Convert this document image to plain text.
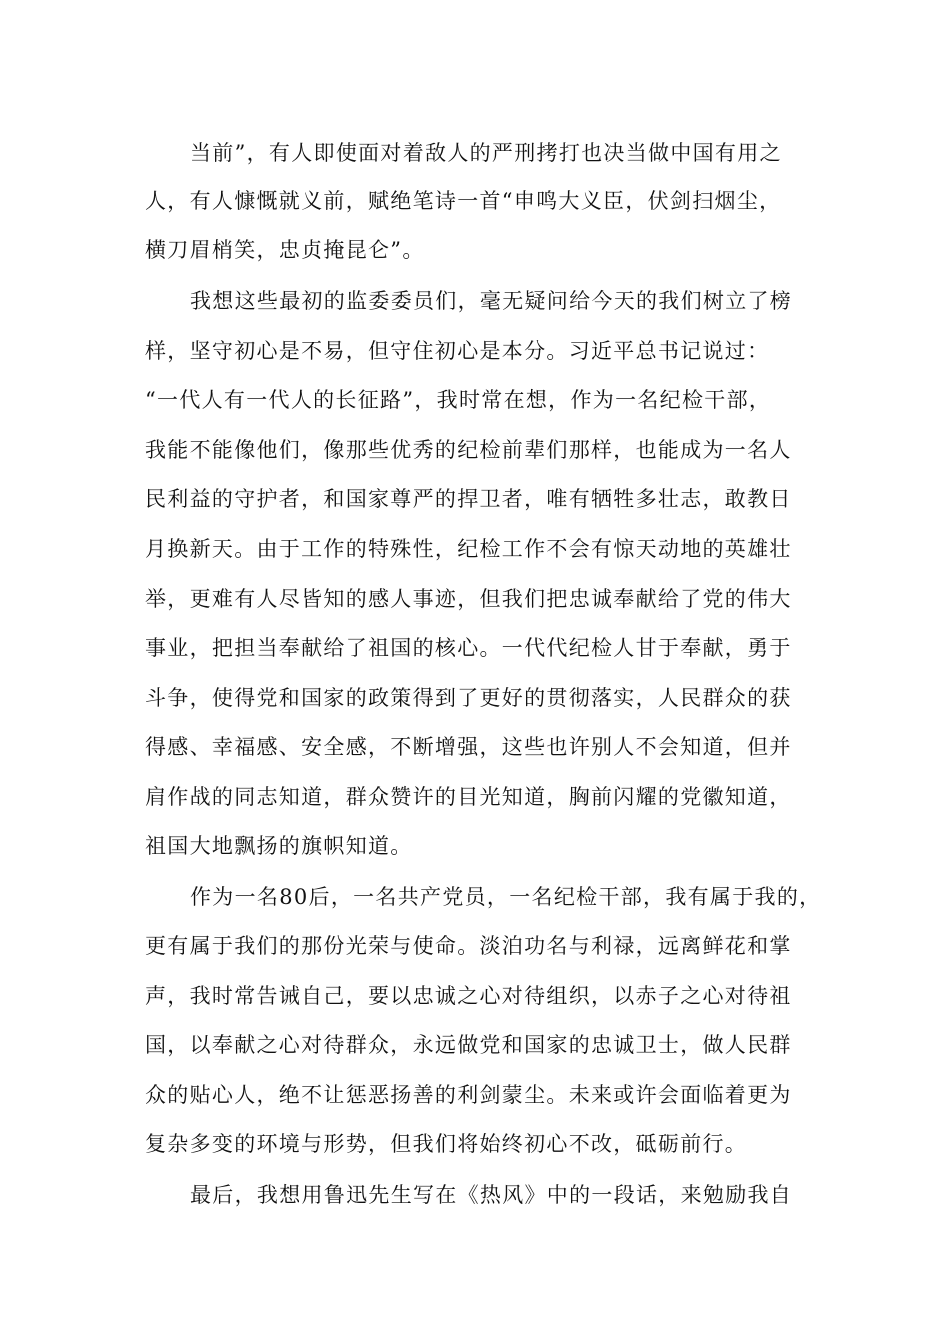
当前”，有人即使面对着敌人的严刑拷打也决当做中国有用之
人，有人慷慨就义前，赋绝笔诗一首“申鸣大义臣，伏剑扫烟尘，
横刀眉梢笑，忠贞掩昆仑”。
我想这些最初的监委委员们，毫无疑问给今天的我们树立了榜
样，坚守初心是不易，但守住初心是本分。习近平总书记说过：
“一代人有一代人的长征路”，我时常在想，作为一名纪检干部，
我能不能像他们，像那些优秀的纪检前辈们那样，也能成为一名人
民利益的守护者，和国家尊严的捍卫者，唯有牺牲多壮志，敢教日
月换新天。由于工作的特殊性，纪检工作不会有惊天动地的英雄壮
举，更难有人尽皆知的感人事迹，但我们把忠诚奉献给了党的伟大
事业，把担当奉献给了祖国的核心。一代代纪检人甘于奉献，勇于
斗争，使得党和国家的政策得到了更好的贯彻落实，人民群众的获
得感、幸福感、安全感，不断增强，这些也许别人不会知道，但并
肩作战的同志知道，群众赞许的目光知道，胸前闪耀的党徽知道，
祖国大地飘扬的旗帜知道。
作为一名80后，一名共产党员，一名纪检干部，我有属于我的，
更有属于我们的那份光荣与使命。淡泊功名与利禄，远离鲜花和掌
声，我时常告诫自己，要以忠诚之心对待组织，以赤子之心对待祖
国，以奉献之心对待群众，永远做党和国家的忠诚卫士，做人民群
众的贴心人，绝不让惩恶扬善的利剑蒙尘。未来或许会面临着更为
复杂多变的环境与形势，但我们将始终初心不改，砥砺前行。
最后，我想用鲁迅先生写在《热风》中的一段话，来勉励我自
